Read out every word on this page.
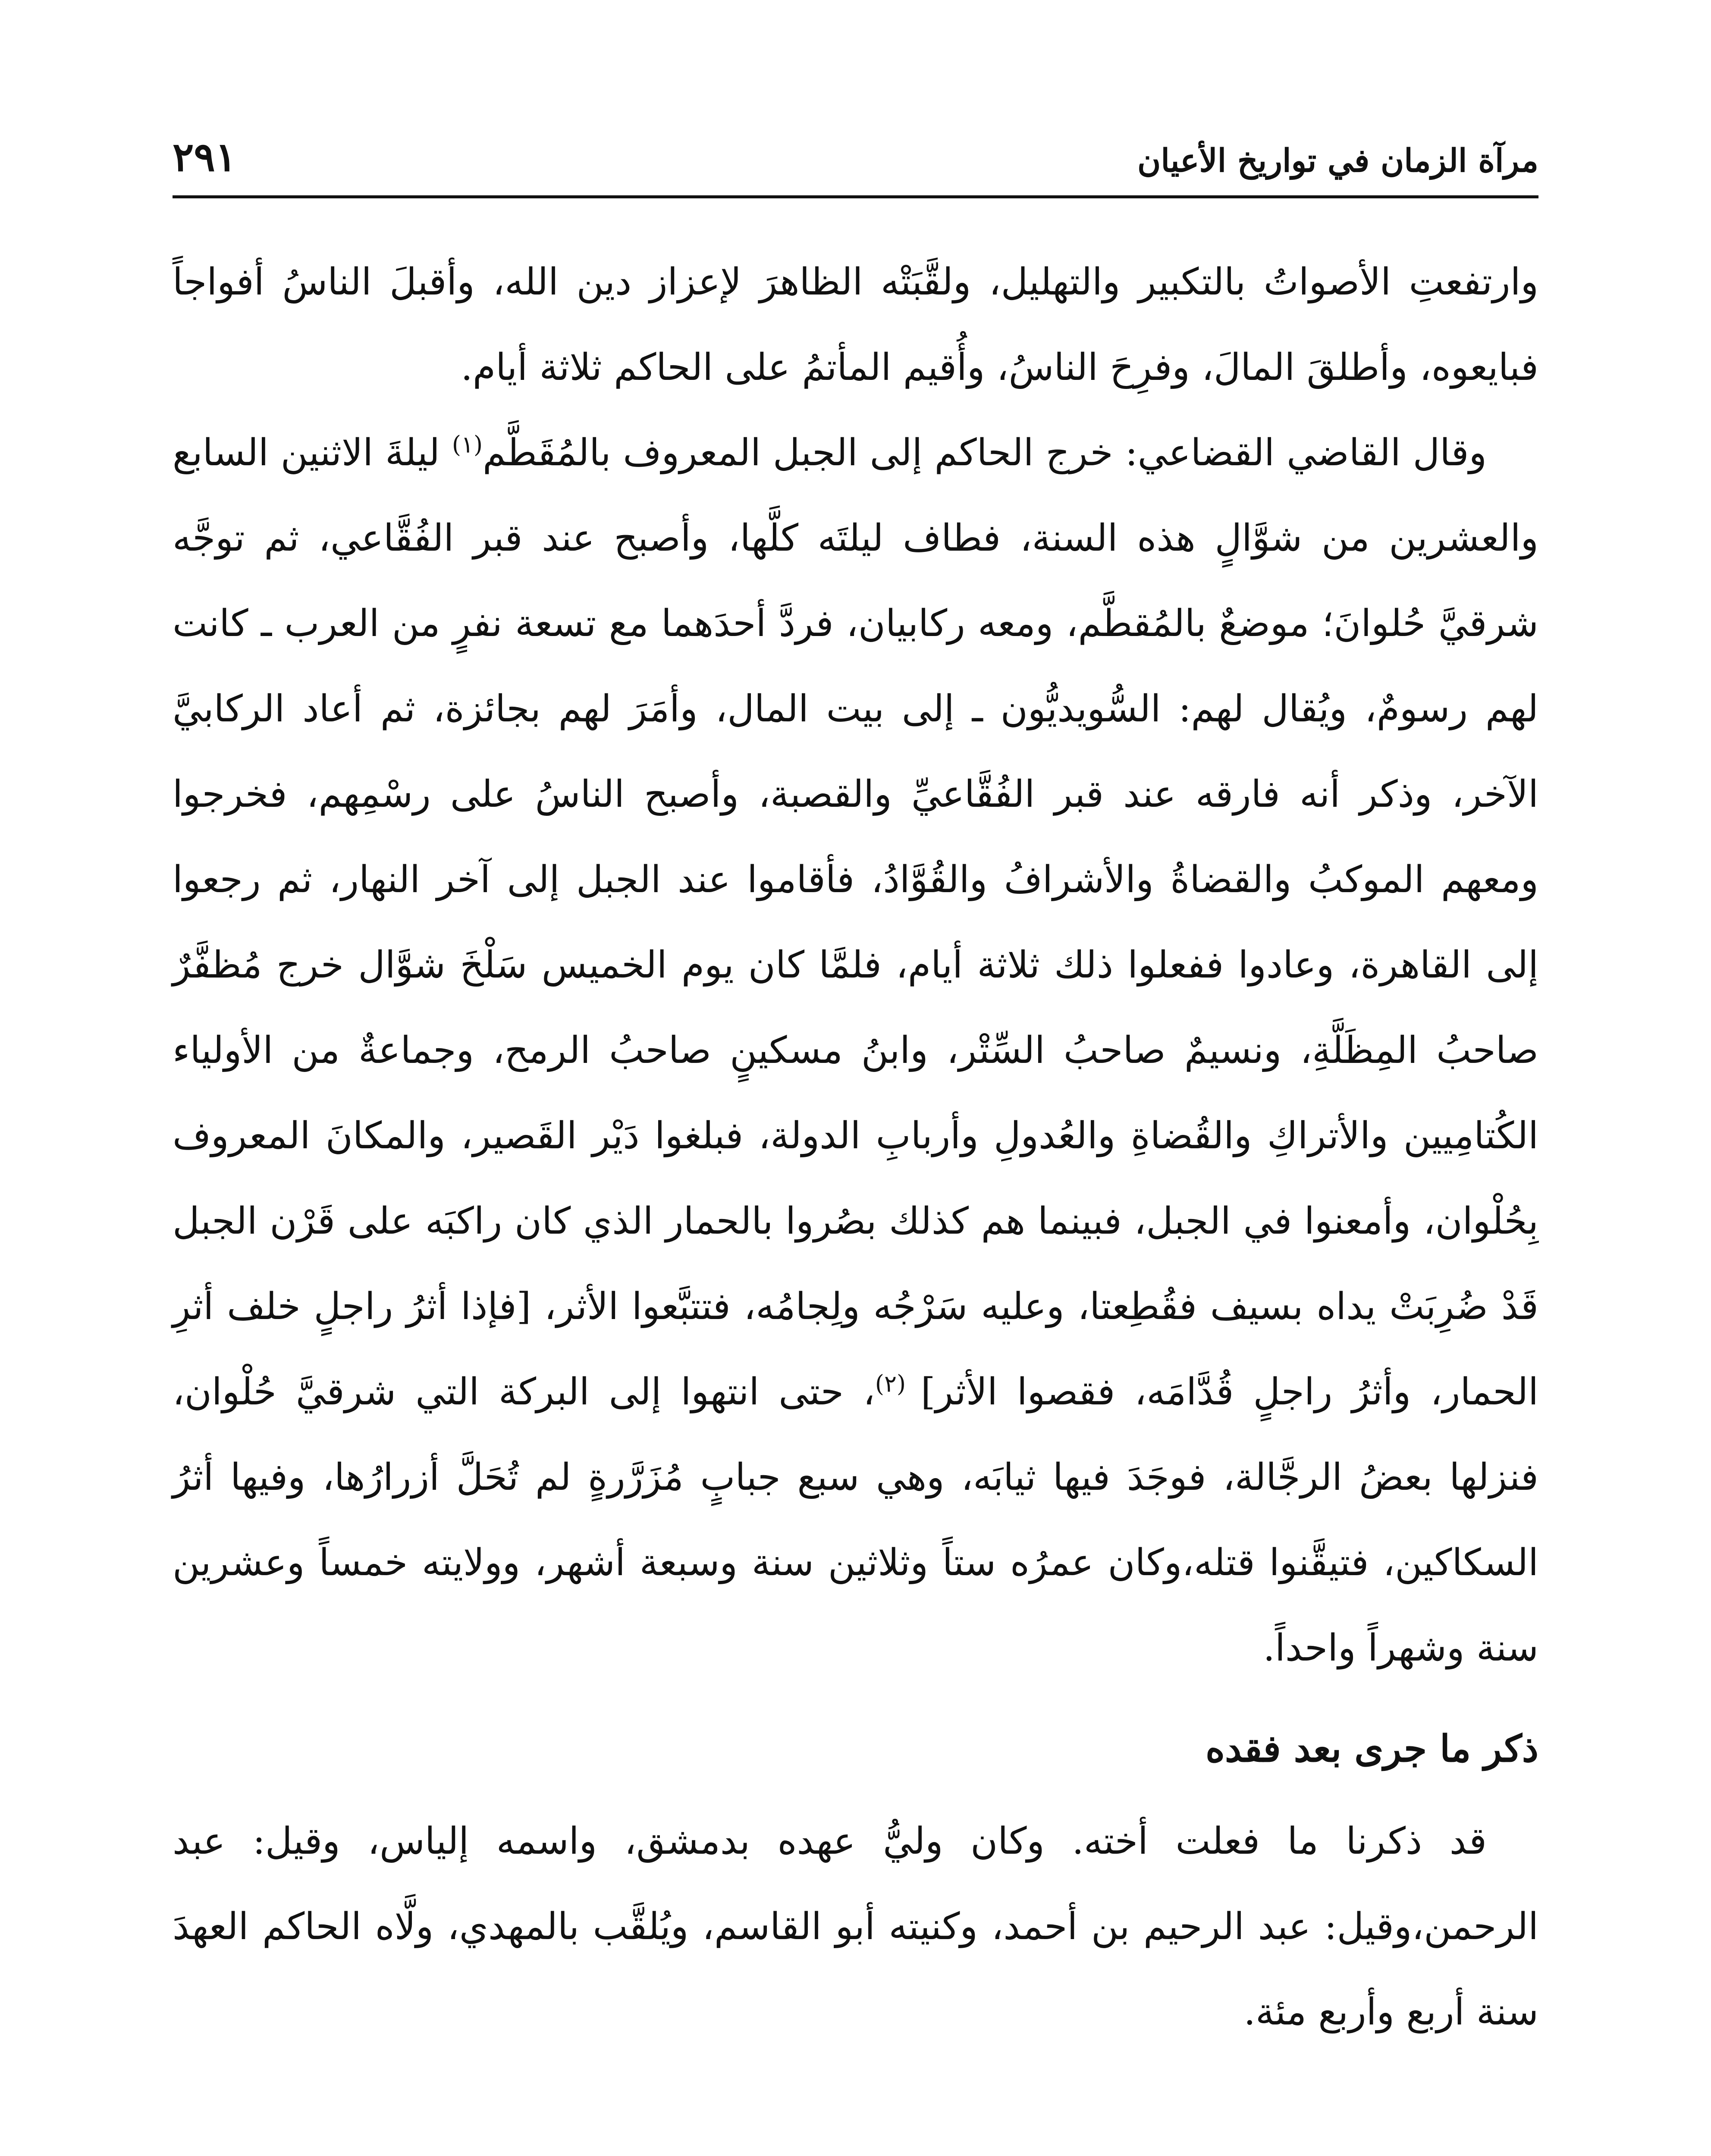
مرآة الزمان في تواريخ الأعيان
٢٩١

وارتفعتِ الأصواتُ بالتكبير والتهليل، ولقَّبَتْه الظاهرَ لإعزاز دين الله، وأقبلَ الناسُ أفواجاً فبايعوه، وأطلقَ المالَ، وفرِحَ الناسُ، وأُقيم المأتمُ على الحاكم ثلاثة أيام.

وقال القاضي القضاعي: خرج الحاكم إلى الجبل المعروف بالمُقَطَّم$^{(١)}$ ليلةَ الاثنين السابع والعشرين من شوَّالٍ هذه السنة، فطاف ليلتَه كلَّها، وأصبح عند قبر الفُقَّاعي، ثم توجَّه شرقيَّ حُلوانَ؛ موضعٌ بالمُقطَّم، ومعه ركابيان، فردَّ أحدَهما مع تسعة نفرٍ من العرب ـ كانت لهم رسومٌ، ويُقال لهم: السُّويديُّون ـ إلى بيت المال، وأمَرَ لهم بجائزة، ثم أعاد الركابيَّ الآخر، وذكر أنه فارقه عند قبر الفُقَّاعيِّ والقصبة، وأصبح الناسُ على رسْمِهم، فخرجوا ومعهم الموكبُ والقضاةُ والأشرافُ والقُوَّادُ، فأقاموا عند الجبل إلى آخر النهار، ثم رجعوا إلى القاهرة، وعادوا ففعلوا ذلك ثلاثة أيام، فلمَّا كان يوم الخميس سَلْخَ شوَّال خرج مُظفَّرٌ صاحبُ المِظَلَّةِ، ونسيمٌ صاحبُ السِّتْر، وابنُ مسكينٍ صاحبُ الرمح، وجماعةٌ من الأولياء الكُتامِيين والأتراكِ والقُضاةِ والعُدولِ وأربابِ الدولة، فبلغوا دَيْر القَصير، والمكانَ المعروف بِحُلْوان، وأمعنوا في الجبل، فبينما هم كذلك بصُروا بالحمار الذي كان راكبَه على قَرْن الجبل قَدْ ضُرِبَتْ يداه بسيف فقُطِعتا، وعليه سَرْجُه ولِجامُه، فتتبَّعوا الأثر، [فإذا أثرُ راجلٍ خلف أثرِ الحمار، وأثرُ راجلٍ قُدَّامَه، فقصوا الأثر] $^{(٢)}$، حتى انتهوا إلى البركة التي شرقيَّ حُلْوان، فنزلها بعضُ الرجَّالة، فوجَدَ فيها ثيابَه، وهي سبع جبابٍ مُزَرَّرةٍ لم تُحَلَّ أزرارُها، وفيها أثرُ السكاكين، فتيقَّنوا قتله،وكان عمرُه ستاً وثلاثين سنة وسبعة أشهر، وولايته خمساً وعشرين سنة وشهراً واحداً.

ذكر ما جرى بعد فقده

قد ذكرنا ما فعلت أخته. وكان وليُّ عهده بدمشق، واسمه إلياس، وقيل: عبد الرحمن،وقيل: عبد الرحيم بن أحمد، وكنيته أبو القاسم، ويُلقَّب بالمهدي، ولَّاه الحاكم العهدَ سنة أربع وأربع مئة.
